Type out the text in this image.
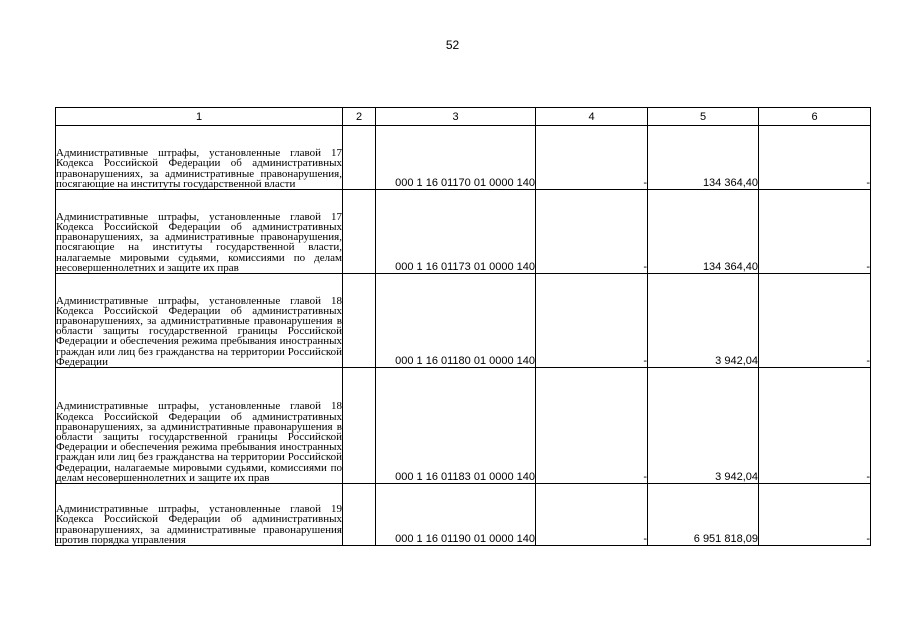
52
1	2	3	4	5	6

Административные штрафы, установленные главой 17 Кодекса Российской Федерации об административных правонарушениях, за административные правонарушения, посягающие на институты государственной власти		000 1 16 01170 01 0000 140	-	134 364,40	-

Административные штрафы, установленные главой 17 Кодекса Российской Федерации об административных правонарушениях, за административные правонарушения, посягающие на институты государственной власти, налагаемые мировыми судьями, комиссиями по делам несовершеннолетних и защите их прав		000 1 16 01173 01 0000 140	-	134 364,40	-

Административные штрафы, установленные главой 18 Кодекса Российской Федерации об административных правонарушениях, за административные правонарушения в области защиты государственной границы Российской Федерации и обеспечения режима пребывания иностранных граждан или лиц без гражданства на территории Российской Федерации		000 1 16 01180 01 0000 140	-	3 942,04	-

Административные штрафы, установленные главой 18 Кодекса Российской Федерации об административных правонарушениях, за административные правонарушения в области защиты государственной границы Российской Федерации и обеспечения режима пребывания иностранных граждан или лиц без гражданства на территории Российской Федерации, налагаемые мировыми судьями, комиссиями по делам несовершеннолетних и защите их прав		000 1 16 01183 01 0000 140	-	3 942,04	-

Административные штрафы, установленные главой 19 Кодекса Российской Федерации об административных правонарушениях, за административные правонарушения против порядка управления		000 1 16 01190 01 0000 140	-	6 951 818,09	-
